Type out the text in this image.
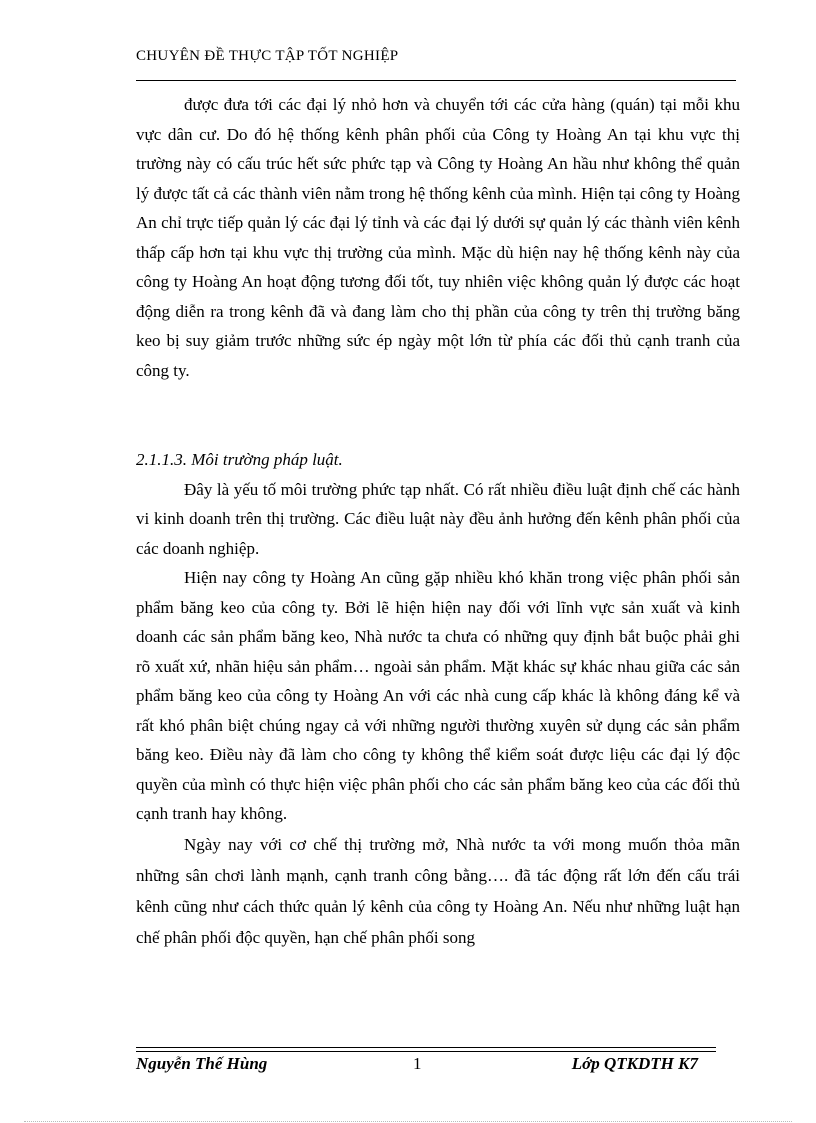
CHUYÊN ĐỀ THỰC TẬP TỐT NGHIỆP

được đưa tới các đại lý nhỏ hơn và chuyển tới các cửa hàng (quán) tại mỗi khu vực dân cư. Do đó hệ thống kênh phân phối của Công ty Hoàng An tại khu vực thị trường này có cấu trúc hết sức phức tạp và Công ty Hoàng An hầu như không thể quản lý được tất cả các thành viên nằm trong hệ thống kênh của mình. Hiện tại công ty Hoàng An chỉ trực tiếp quản lý các đại lý tỉnh và các đại lý dưới sự quản lý các thành viên kênh thấp cấp hơn tại khu vực thị trường của mình. Mặc dù hiện nay hệ thống kênh này của công ty Hoàng An hoạt động tương đối tốt, tuy nhiên việc không quản lý được các hoạt động diễn ra trong kênh đã và đang làm cho thị phần của công ty trên thị trường băng keo bị suy giảm trước những sức ép ngày một lớn từ phía các đối thủ cạnh tranh của công ty.

2.1.1.3. Môi trường pháp luật.

Đây là yếu tố môi trường phức tạp nhất. Có rất nhiều điều luật định chế các hành vi kinh doanh trên thị trường. Các điều luật này đều ảnh hưởng đến kênh phân phối của các doanh nghiệp.

Hiện nay công ty Hoàng An cũng gặp nhiều khó khăn trong việc phân phối sản phẩm băng keo của công ty. Bởi lẽ hiện hiện nay đối với lĩnh vực sản xuất và kinh doanh các sản phẩm băng keo, Nhà nước ta chưa có những quy định bắt buộc phải ghi rõ xuất xứ, nhãn hiệu sản phẩm… ngoài sản phẩm. Mặt khác sự khác nhau giữa các sản phẩm băng keo của công ty Hoàng An với các nhà cung cấp khác là không đáng kể và rất khó phân biệt chúng ngay cả với những người thường xuyên sử dụng các sản phẩm băng keo. Điều này đã làm cho công ty không thể kiểm soát được liệu các đại lý độc quyền của mình có thực hiện việc phân phối cho các sản phẩm băng keo của các đối thủ cạnh tranh hay không.

Ngày nay với cơ chế thị trường mở, Nhà nước ta với mong muốn thỏa mãn những sân chơi lành mạnh, cạnh tranh công bằng…. đã tác động rất lớn đến cấu trái kênh cũng như cách thức quản lý kênh của công ty Hoàng An. Nếu như những luật hạn chế phân phối độc quyền, hạn chế phân phối song

Nguyễn Thế Hùng	1	Lớp QTKDTH K7
